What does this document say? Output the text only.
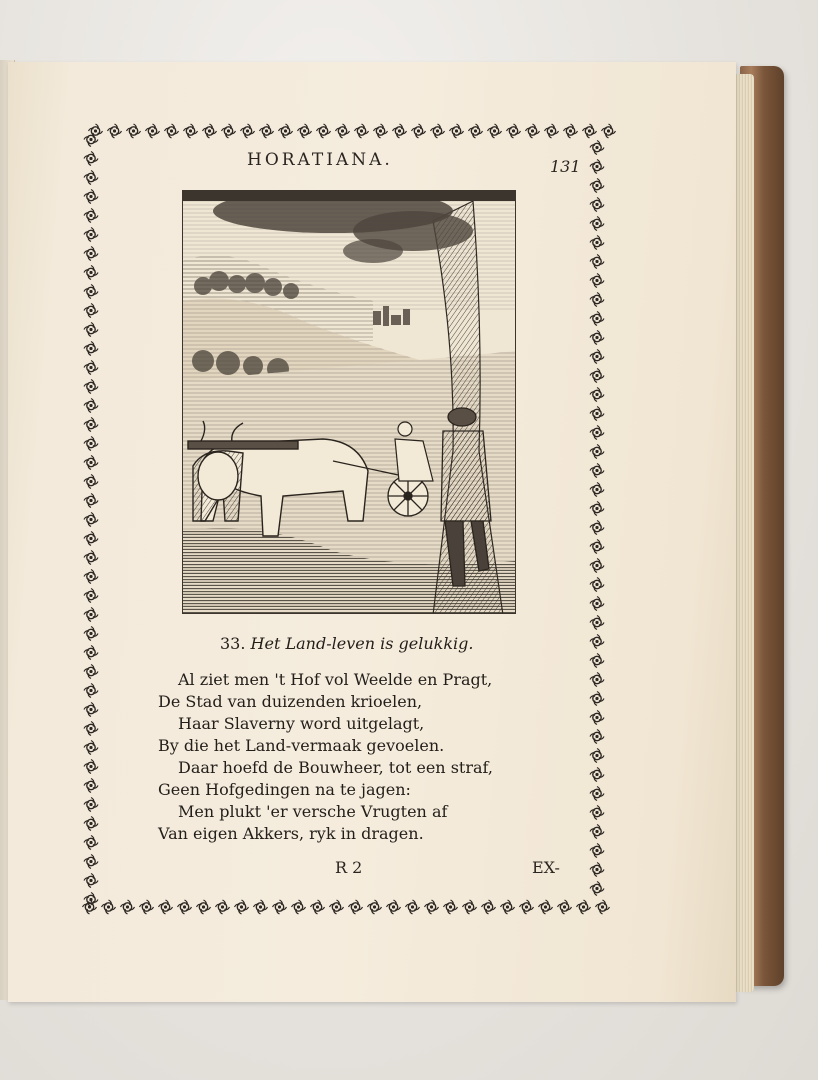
HORATIANA.	131
33. Het Land-leven is gelukkig.
Al ziet men 't Hof vol Weelde en Pragt,
De Stad van duizenden krioelen,
Haar Slaverny word uitgelagt,
By die het Land-vermaak gevoelen.
Daar hoefd de Bouwheer, tot een straf,
Geen Hofgedingen na te jagen:
Men plukt 'er versche Vrugten af
Van eigen Akkers, ryk in dragen.
R 2	EX-
